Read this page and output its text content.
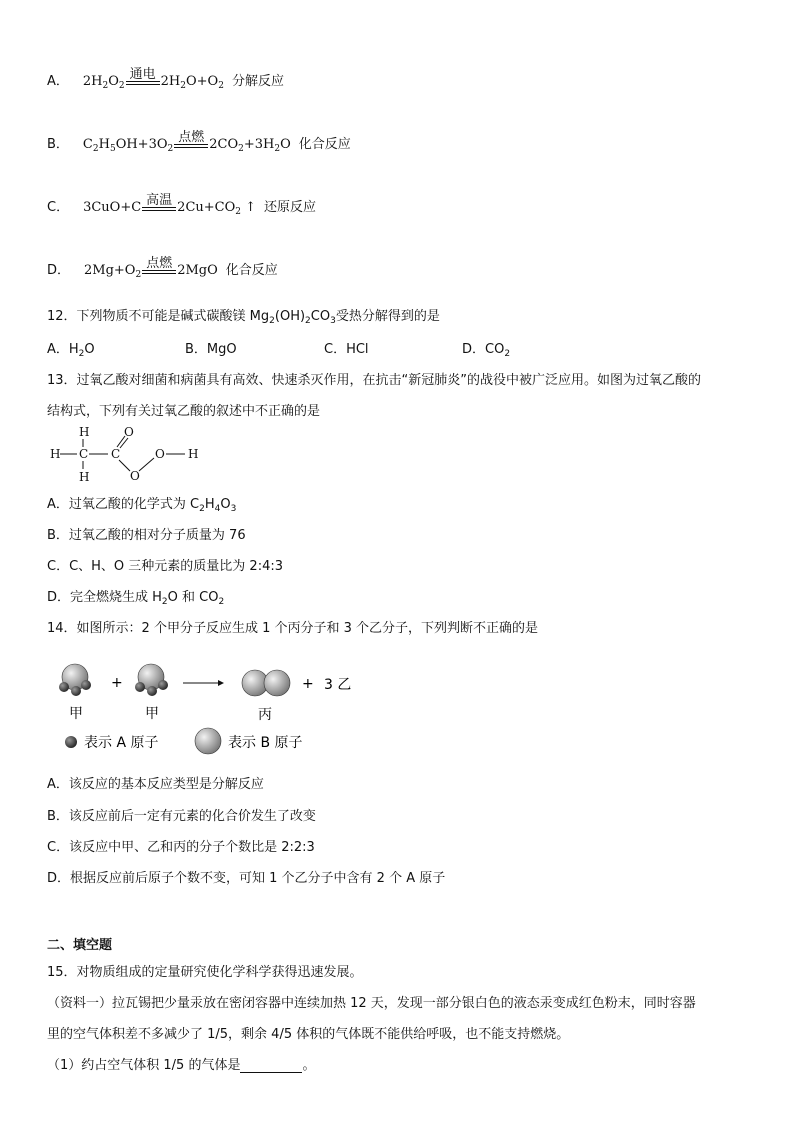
A． $2H_2O_2$
通电 $2H_2O+O_2$ 分解反应
B． $C_2H_5OH+3O_2$
点燃 $2CO_2+3H_2O$ 化合反应
C． 3CuO+C 高温 $2Cu+CO_2$ ↑ 还原反应
D． $2Mg+O_2$
点燃 2MgO 化合反应
12．下列物质不可能是碱式碳酸镁 $Mg_2(OH)_2CO_3$受热分解得到的是
A．$H_2O$	B．MgO	C．HCl	D．$CO_2$
13．过氧乙酸对细菌和病菌具有高效、快速杀灭作用，在抗击“新冠肺炎”的战役中被广泛应用。如图为过氧乙酸的
结构式，下列有关过氧乙酸的叙述中不正确的是
H
H C
H
C
O
O
O H
A．过氧乙酸的化学式为 $C_2H_4O_3$
B．过氧乙酸的相对分子质量为 76
C．C、H、O 三种元素的质量比为 2:4:3
D．完全燃烧生成 $H_2O$ 和 $CO_2$
14．如图所示：2 个甲分子反应生成 1 个丙分子和 3 个乙分子，下列判断不正确的是
+	+ 3 乙
甲	甲	丙
表示 A 原子	表示 B 原子
A．该反应的基本反应类型是分解反应
B．该反应前后一定有元素的化合价发生了改变
C．该反应中甲、乙和丙的分子个数比是 2:2:3
D．根据反应前后原子个数不变，可知 1 个乙分子中含有 2 个 A 原子
二、填空题
15．对物质组成的定量研究使化学科学获得迅速发展。
（资料一）拉瓦锡把少量汞放在密闭容器中连续加热 12 天，发现一部分银白色的液态汞变成红色粉末，同时容器
里的空气体积差不多减少了 1/5，剩余 4/5 体积的气体既不能供给呼吸，也不能支持燃烧。
（1）约占空气体积 1/5 的气体是	。
